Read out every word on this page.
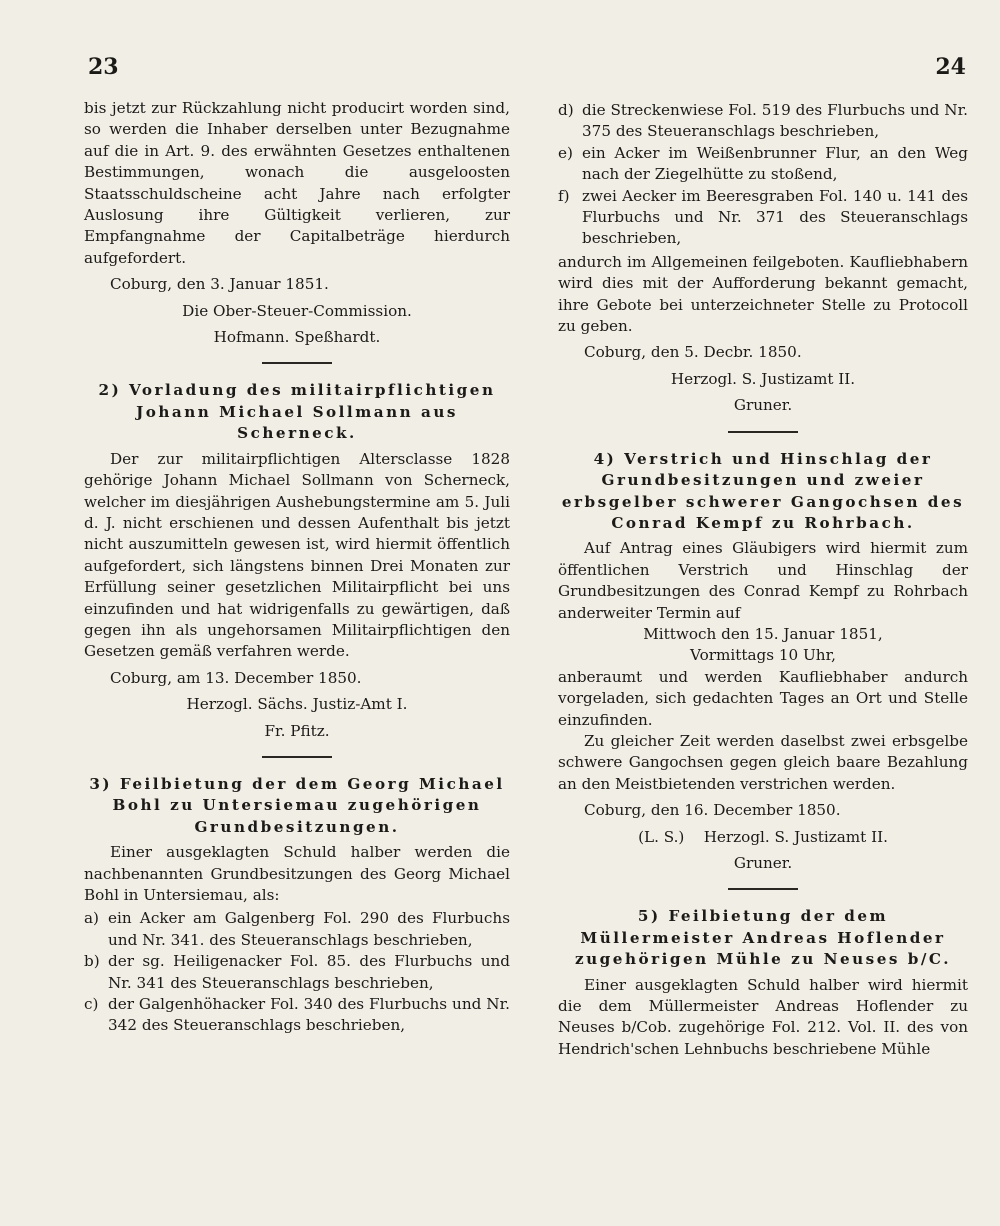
23	24

bis jetzt zur Rückzahlung nicht producirt worden sind, so werden die Inhaber derselben unter Bezugnahme auf die in Art. 9. des erwähnten Gesetzes enthaltenen Bestimmungen, wonach die ausgeloosten Staatsschuldscheine acht Jahre nach erfolgter Auslosung ihre Gültigkeit verlieren, zur Empfangnahme der Capitalbeträge hierdurch aufgefordert.

Coburg, den 3. Januar 1851.

Die Ober-Steuer-Commission.

Hofmann. Speßhardt.

2) Vorladung des militairpflichtigen Johann Michael Sollmann aus Scherneck.

Der zur militairpflichtigen Altersclasse 1828 gehörige Johann Michael Sollmann von Scherneck, welcher im diesjährigen Aushebungstermine am 5. Juli d. J. nicht erschienen und dessen Aufenthalt bis jetzt nicht auszumitteln gewesen ist, wird hiermit öffentlich aufgefordert, sich längstens binnen Drei Monaten zur Erfüllung seiner gesetzlichen Militairpflicht bei uns einzufinden und hat widrigenfalls zu gewärtigen, daß gegen ihn als ungehorsamen Militairpflichtigen den Gesetzen gemäß verfahren werde.

Coburg, am 13. December 1850.

Herzogl. Sächs. Justiz-Amt I.

Fr. Pfitz.

3) Feilbietung der dem Georg Michael Bohl zu Untersiemau zugehörigen Grundbesitzungen.

Einer ausgeklagten Schuld halber werden die nachbenannten Grundbesitzungen des Georg Michael Bohl in Untersiemau, als:

a) ein Acker am Galgenberg Fol. 290 des Flurbuchs und Nr. 341. des Steueranschlags beschrieben,
b) der sg. Heiligenacker Fol. 85. des Flurbuchs und Nr. 341 des Steueranschlags beschrieben,
c) der Galgenhöhacker Fol. 340 des Flurbuchs und Nr. 342 des Steueranschlags beschrieben,
d) die Streckenwiese Fol. 519 des Flurbuchs und Nr. 375 des Steueranschlags beschrieben,
e) ein Acker im Weißenbrunner Flur, an den Weg nach der Ziegelhütte zu stoßend,
f) zwei Aecker im Beeresgraben Fol. 140 u. 141 des Flurbuchs und Nr. 371 des Steueranschlags beschrieben,

andurch im Allgemeinen feilgeboten. Kaufliebhabern wird dies mit der Aufforderung bekannt gemacht, ihre Gebote bei unterzeichneter Stelle zu Protocoll zu geben.

Coburg, den 5. Decbr. 1850.

Herzogl. S. Justizamt II.

Gruner.

4) Verstrich und Hinschlag der Grundbesitzungen und zweier erbsgelber schwerer Gangochsen des Conrad Kempf zu Rohrbach.

Auf Antrag eines Gläubigers wird hiermit zum öffentlichen Verstrich und Hinschlag der Grundbesitzungen des Conrad Kempf zu Rohrbach anderweiter Termin auf

Mittwoch den 15. Januar 1851,

Vormittags 10 Uhr,

anberaumt und werden Kaufliebhaber andurch vorgeladen, sich gedachten Tages an Ort und Stelle einzufinden.

Zu gleicher Zeit werden daselbst zwei erbsgelbe schwere Gangochsen gegen gleich baare Bezahlung an den Meistbietenden verstrichen werden.

Coburg, den 16. December 1850.

(L. S.) Herzogl. S. Justizamt II.

Gruner.

5) Feilbietung der dem Müllermeister Andreas Hoflender zugehörigen Mühle zu Neuses b/C.

Einer ausgeklagten Schuld halber wird hiermit die dem Müllermeister Andreas Hoflender zu Neuses b/Cob. zugehörige Fol. 212. Vol. II. des von Hendrich'schen Lehnbuchs beschriebene Mühle
